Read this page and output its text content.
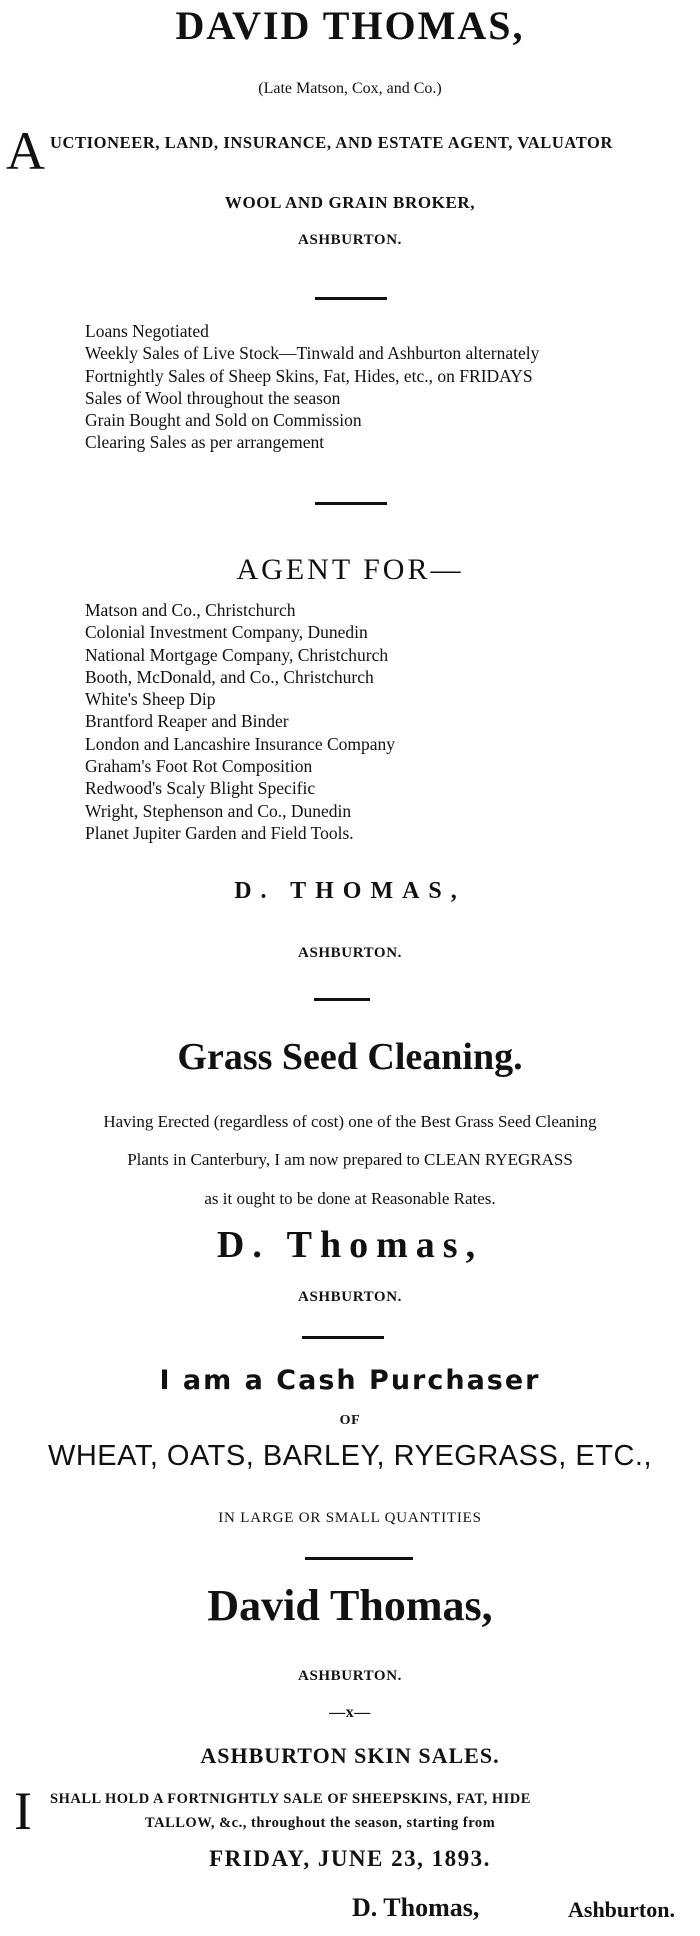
DAVID THOMAS,
(Late Matson, Cox, and Co.)
A UCTIONEER, LAND, INSURANCE, AND ESTATE AGENT, VALUATOR
WOOL AND GRAIN BROKER,
ASHBURTON.
Loans Negotiated
Weekly Sales of Live Stock—Tinwald and Ashburton alternately
Fortnightly Sales of Sheep Skins, Fat, Hides, etc., on FRIDAYS
Sales of Wool throughout the season
Grain Bought and Sold on Commission
Clearing Sales as per arrangement
AGENT FOR—
Matson and Co., Christchurch
Colonial Investment Company, Dunedin
National Mortgage Company, Christchurch
Booth, McDonald, and Co., Christchurch
White's Sheep Dip
Brantford Reaper and Binder
London and Lancashire Insurance Company
Graham's Foot Rot Composition
Redwood's Scaly Blight Specific
Wright, Stephenson and Co., Dunedin
Planet Jupiter Garden and Field Tools.
D. THOMAS,
ASHBURTON.
Grass Seed Cleaning.
Having Erected (regardless of cost) one of the Best Grass Seed Cleaning
Plants in Canterbury, I am now prepared to CLEAN RYEGRASS
as it ought to be done at Reasonable Rates.
D. Thomas,
ASHBURTON.
I am a Cash Purchaser
OF
WHEAT, OATS, BARLEY, RYEGRASS, ETC.,
IN LARGE OR SMALL QUANTITIES
David Thomas,
ASHBURTON.
—x—
ASHBURTON SKIN SALES.
I SHALL HOLD A FORTNIGHTLY SALE OF SHEEPSKINS, FAT, HIDE
TALLOW, &c., throughout the season, starting from
FRIDAY, JUNE 23, 1893.
D. Thomas,	Ashburton.
